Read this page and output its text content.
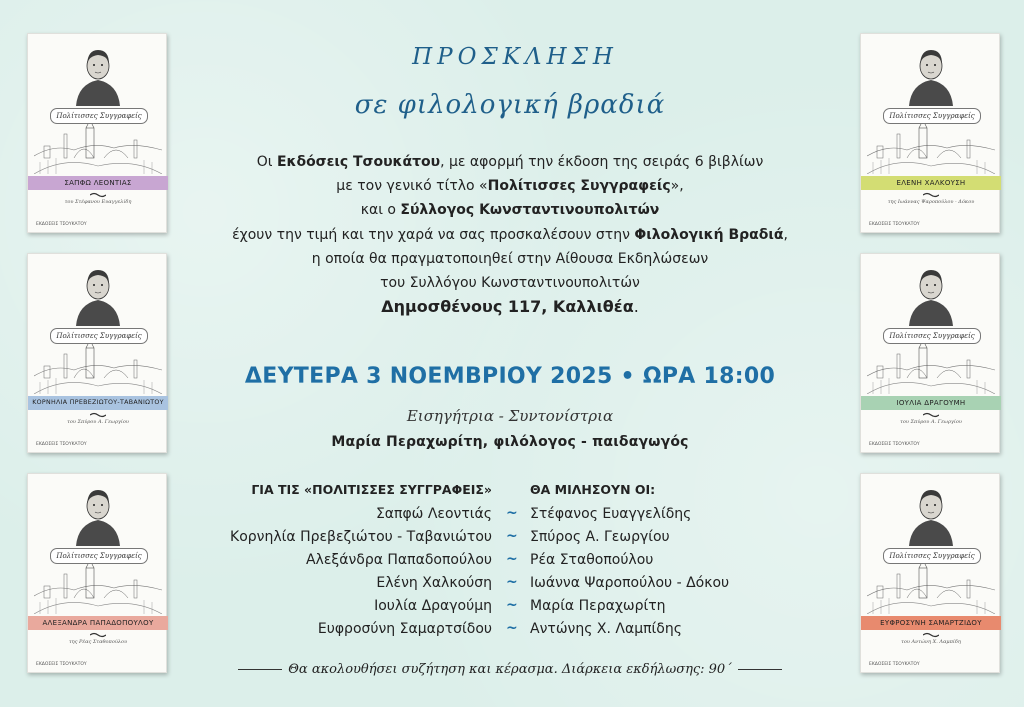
Πολίτισσες Συγγραφείς
ΣΑΠΦΩ ΛΕΟΝΤΙΑΣ
του Στέφανου Ευαγγελίδη
ΕΚΔΟΣΕΙΣ ΤΣΟΥΚΑΤΟΥ
Πολίτισσες Συγγραφείς
ΚΟΡΝΗΛΙΑ ΠΡΕΒΕΖΙΩΤΟΥ-ΤΑΒΑΝΙΩΤΟΥ
του Σπύρου Α. Γεωργίου
ΕΚΔΟΣΕΙΣ ΤΣΟΥΚΑΤΟΥ
Πολίτισσες Συγγραφείς
ΑΛΕΞΑΝΔΡΑ ΠΑΠΑΔΟΠΟΥΛΟΥ
της Ρέας Σταθοπούλου
ΕΚΔΟΣΕΙΣ ΤΣΟΥΚΑΤΟΥ
Πολίτισσες Συγγραφείς
ΕΛΕΝΗ ΧΑΛΚΟΥΣΗ
της Ιωάννας Ψαροπούλου - Δόκου
ΕΚΔΟΣΕΙΣ ΤΣΟΥΚΑΤΟΥ
Πολίτισσες Συγγραφείς
ΙΟΥΛΙΑ ΔΡΑΓΟΥΜΗ
του Σπύρου Α. Γεωργίου
ΕΚΔΟΣΕΙΣ ΤΣΟΥΚΑΤΟΥ
Πολίτισσες Συγγραφείς
ΕΥΦΡΟΣΥΝΗ ΣΑΜΑΡΤΖΙΔΟΥ
του Αντώνη Χ. Λαμπίδη
ΕΚΔΟΣΕΙΣ ΤΣΟΥΚΑΤΟΥ
ΠΡΟΣΚΛΗΣΗ
σε φιλολογική βραδιά
Οι Εκδόσεις Τσουκάτου, με αφορμή την έκδοση της σειράς 6 βιβλίων
με τον γενικό τίτλο «Πολίτισσες Συγγραφείς»,
και ο Σύλλογος Κωνσταντινουπολιτών
έχουν την τιμή και την χαρά να σας προσκαλέσουν στην Φιλολογική Βραδιά,
η οποία θα πραγματοποιηθεί στην Αίθουσα Εκδηλώσεων
του Συλλόγου Κωνσταντινουπολιτών
Δημοσθένους 117, Καλλιθέα.
ΔΕΥΤΕΡΑ 3 ΝΟΕΜΒΡΙΟΥ 2025 • ΩΡΑ 18:00
Εισηγήτρια - Συντονίστρια
Μαρία Περαχωρίτη, φιλόλογος - παιδαγωγός
ΓΙΑ ΤΙΣ «ΠΟΛΙΤΙΣΣΕΣ ΣΥΓΓΡΑΦΕΙΣ»	ΘΑ ΜΙΛΗΣΟΥΝ ΟΙ:
Σαπφώ Λεοντιάς ~ Στέφανος Ευαγγελίδης
Κορνηλία Πρεβεζιώτου - Ταβανιώτου ~ Σπύρος Α. Γεωργίου
Αλεξάνδρα Παπαδοπούλου ~ Ρέα Σταθοπούλου
Ελένη Χαλκούση ~ Ιωάννα Ψαροπούλου - Δόκου
Ιουλία Δραγούμη ~ Μαρία Περαχωρίτη
Ευφροσύνη Σαμαρτσίδου ~ Αντώνης Χ. Λαμπίδης
Θα ακολουθήσει συζήτηση και κέρασμα. Διάρκεια εκδήλωσης: 90΄
